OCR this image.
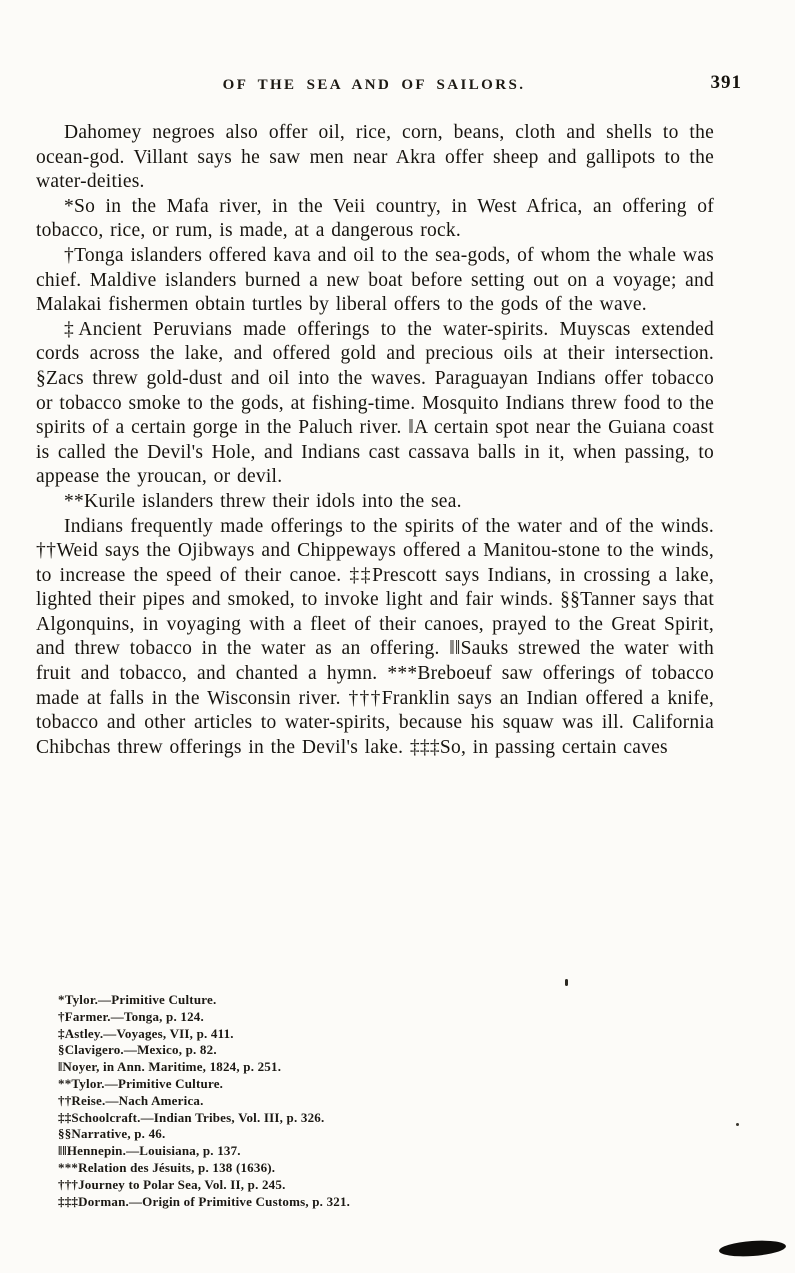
OF THE SEA AND OF SAILORS.	391

Dahomey negroes also offer oil, rice, corn, beans, cloth and shells to the ocean-god. Villant says he saw men near Akra offer sheep and gallipots to the water-deities.

*So in the Mafa river, in the Veii country, in West Africa, an offering of tobacco, rice, or rum, is made, at a dangerous rock.

†Tonga islanders offered kava and oil to the sea-gods, of whom the whale was chief. Maldive islanders burned a new boat before setting out on a voyage; and Malakai fishermen obtain turtles by liberal offers to the gods of the wave.

‡Ancient Peruvians made offerings to the water-spirits. Muyscas extended cords across the lake, and offered gold and precious oils at their intersection. §Zacs threw gold-dust and oil into the waves. Paraguayan Indians offer tobacco or tobacco smoke to the gods, at fishing-time. Mosquito Indians threw food to the spirits of a certain gorge in the Paluch river. ‖A certain spot near the Guiana coast is called the Devil's Hole, and Indians cast cassava balls in it, when passing, to appease the yroucan, or devil.

**Kurile islanders threw their idols into the sea.

Indians frequently made offerings to the spirits of the water and of the winds. ††Weid says the Ojibways and Chippeways offered a Manitou-stone to the winds, to increase the speed of their canoe. ‡‡Prescott says Indians, in crossing a lake, lighted their pipes and smoked, to invoke light and fair winds. §§Tanner says that Algonquins, in voyaging with a fleet of their canoes, prayed to the Great Spirit, and threw tobacco in the water as an offering. ‖‖Sauks strewed the water with fruit and tobacco, and chanted a hymn. ***Breboeuf saw offerings of tobacco made at falls in the Wisconsin river. †††Franklin says an Indian offered a knife, tobacco and other articles to water-spirits, because his squaw was ill. California Chibchas threw offerings in the Devil's lake. ‡‡‡So, in passing certain caves

*Tylor.—Primitive Culture.
†Farmer.—Tonga, p. 124.
‡Astley.—Voyages, VII, p. 411.
§Clavigero.—Mexico, p. 82.
‖Noyer, in Ann. Maritime, 1824, p. 251.
**Tylor.—Primitive Culture.
††Reise.—Nach America.
‡‡Schoolcraft.—Indian Tribes, Vol. III, p. 326.
§§Narrative, p. 46.
‖‖Hennepin.—Louisiana, p. 137.
***Relation des Jésuits, p. 138 (1636).
†††Journey to Polar Sea, Vol. II, p. 245.
‡‡‡Dorman.—Origin of Primitive Customs, p. 321.
